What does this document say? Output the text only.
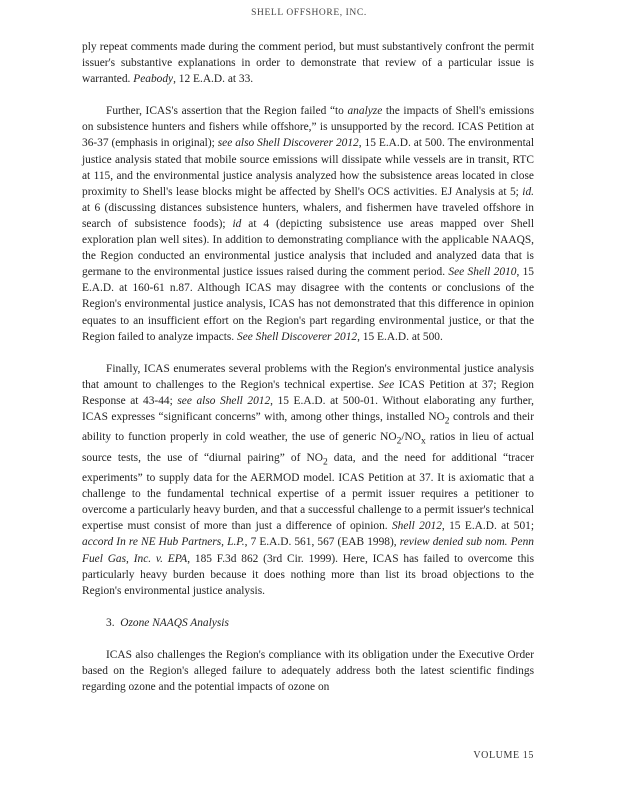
SHELL OFFSHORE, INC.

ply repeat comments made during the comment period, but must substantively confront the permit issuer's substantive explanations in order to demonstrate that review of a particular issue is warranted. Peabody, 12 E.A.D. at 33.

Further, ICAS's assertion that the Region failed “to analyze the impacts of Shell's emissions on subsistence hunters and fishers while offshore,” is unsupported by the record. ICAS Petition at 36-37 (emphasis in original); see also Shell Discoverer 2012, 15 E.A.D. at 500. The environmental justice analysis stated that mobile source emissions will dissipate while vessels are in transit, RTC at 115, and the environmental justice analysis analyzed how the subsistence areas located in close proximity to Shell's lease blocks might be affected by Shell's OCS activities. EJ Analysis at 5; id. at 6 (discussing distances subsistence hunters, whalers, and fishermen have traveled offshore in search of subsistence foods); id at 4 (depicting subsistence use areas mapped over Shell exploration plan well sites). In addition to demonstrating compliance with the applicable NAAQS, the Region conducted an environmental justice analysis that included and analyzed data that is germane to the environmental justice issues raised during the comment period. See Shell 2010, 15 E.A.D. at 160-61 n.87. Although ICAS may disagree with the contents or conclusions of the Region's environmental justice analysis, ICAS has not demonstrated that this difference in opinion equates to an insufficient effort on the Region's part regarding environmental justice, or that the Region failed to analyze impacts. See Shell Discoverer 2012, 15 E.A.D. at 500.

Finally, ICAS enumerates several problems with the Region's environmental justice analysis that amount to challenges to the Region's technical expertise. See ICAS Petition at 37; Region Response at 43-44; see also Shell 2012, 15 E.A.D. at 500-01. Without elaborating any further, ICAS expresses “significant concerns” with, among other things, installed $NO_2$ controls and their ability to function properly in cold weather, the use of generic $NO_2/NO_x$ ratios in lieu of actual source tests, the use of “diurnal pairing” of $NO_2$ data, and the need for additional “tracer experiments” to supply data for the AERMOD model. ICAS Petition at 37. It is axiomatic that a challenge to the fundamental technical expertise of a permit issuer requires a petitioner to overcome a particularly heavy burden, and that a successful challenge to a permit issuer's technical expertise must consist of more than just a difference of opinion. Shell 2012, 15 E.A.D. at 501; accord In re NE Hub Partners, L.P., 7 E.A.D. 561, 567 (EAB 1998), review denied sub nom. Penn Fuel Gas, Inc. v. EPA, 185 F.3d 862 (3rd Cir. 1999). Here, ICAS has failed to overcome this particularly heavy burden because it does nothing more than list its broad objections to the Region's environmental justice analysis.

3. Ozone NAAQS Analysis

ICAS also challenges the Region's compliance with its obligation under the Executive Order based on the Region's alleged failure to adequately address both the latest scientific findings regarding ozone and the potential impacts of ozone on

VOLUME 15
